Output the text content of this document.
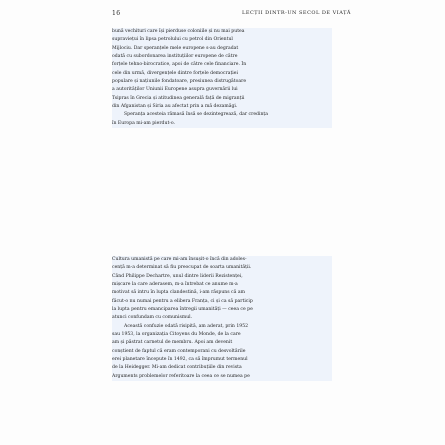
16	LECȚII DINTR-UN SECOL DE VIAȚĂ
bună vechituri care își pierduse coloniile și nu mai putea
supraviețui în lipsa petrolului cu petrol din Orientul
Mijlociu. Dar speranțele mele europene s-au degradat
odată cu subordonarea instituțiilor europene de către
forțele tehno-birocratice, apoi de către cele financiare. În
cele din urmă, divergențele dintre forțele democrației
populare și națiunile fondatoare, presiunea distrugătoare
a autorităților Uniunii Europene asupra guvernării lui
Tsipras în Grecia și atitudinea generală față de migranții
din Afganistan și Siria au afectat prin a mă dezamăgi.
Speranța acesteia rămasă însă se dezintegrează, dar credința
în Europa mi-am pierdut-o.
Cultura umanistă pe care mi-am însușit-o încă din adoles-
cență m-a determinat să fiu preocupat de soarta umanității.
Când Philippe Dechartre, unul dintre liderii Rezistenței,
mișcare la care aderasem, m-a întrebat ce anume m-a
motivat să intru în lupta clandestină, i-am răspuns că am
făcut-o nu numai pentru a elibera Franța, ci și ca să particip
la lupta pentru emanciparea întregii umanități — ceea ce pe
atunci confundam cu comunismul.
Această confuzie odată risipită, am aderat, prin 1952
sau 1953, la organizația Citoyens du Monde, de la care
am și păstrat carnetul de membru. Apoi am devenit
conștient de faptul că eram contemporani cu desvoltările
erei planetare începute în 1492, ca să împrumut termenul
de la Heidegger. Mi-am dedicat contribuțiile din revista
Arguments problemelor referitoare la ceea ce se numea pe
